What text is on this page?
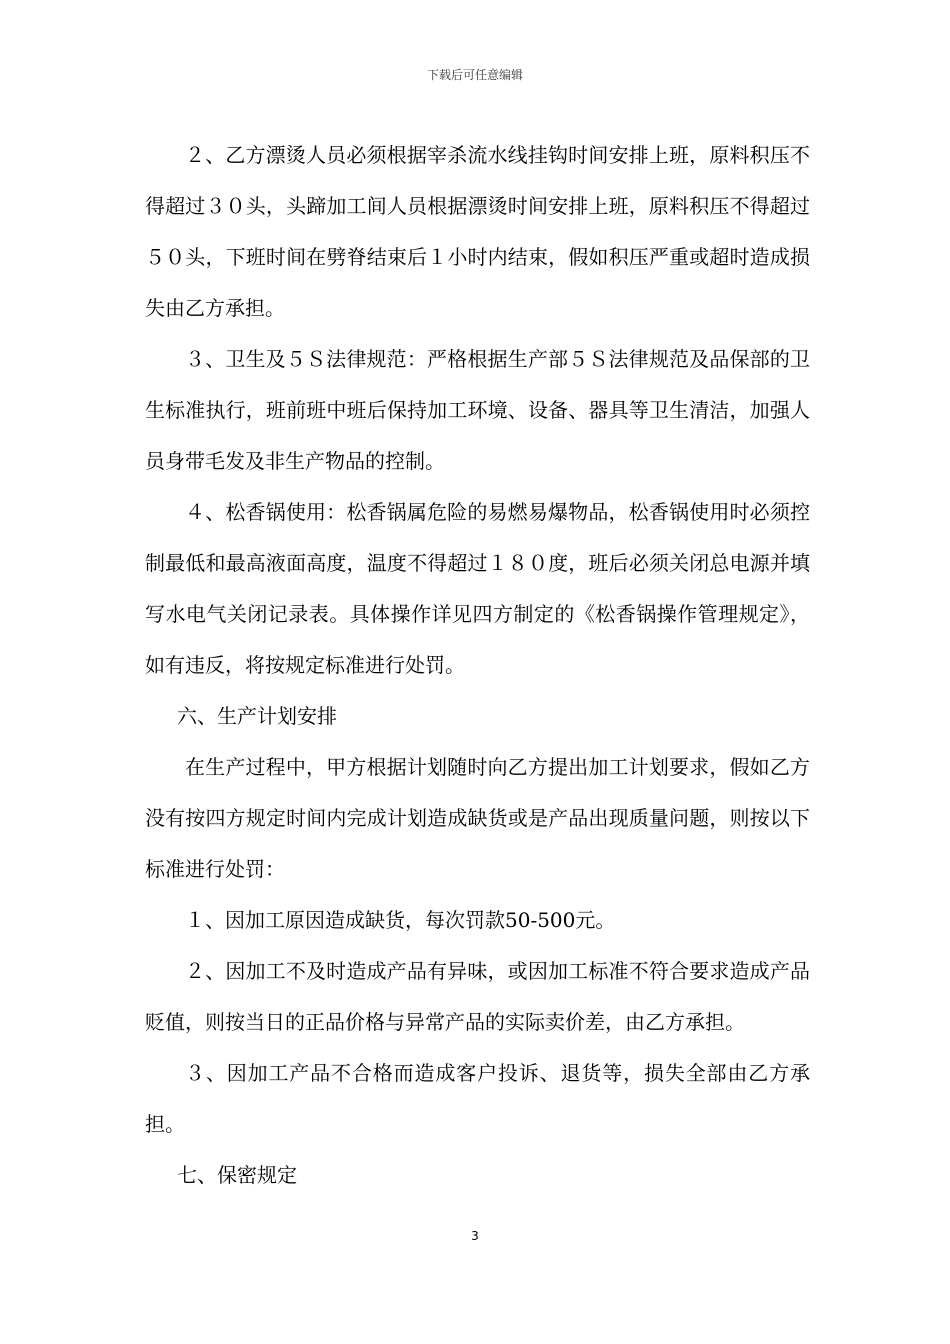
下载后可任意编辑

２、乙方漂烫人员必须根据宰杀流水线挂钩时间安排上班，原料积压不得超过３０头，头蹄加工间人员根据漂烫时间安排上班，原料积压不得超过５０头，下班时间在劈脊结束后１小时内结束，假如积压严重或超时造成损失由乙方承担。

３、卫生及５Ｓ法律规范：严格根据生产部５Ｓ法律规范及品保部的卫生标准执行，班前班中班后保持加工环境、设备、器具等卫生清洁，加强人员身带毛发及非生产物品的控制。

４、松香锅使用：松香锅属危险的易燃易爆物品，松香锅使用时必须控制最低和最高液面高度，温度不得超过１８０度，班后必须关闭总电源并填写水电气关闭记录表。具体操作详见四方制定的《松香锅操作管理规定》，如有违反，将按规定标准进行处罚。

六、生产计划安排

在生产过程中，甲方根据计划随时向乙方提出加工计划要求，假如乙方没有按四方规定时间内完成计划造成缺货或是产品出现质量问题，则按以下标准进行处罚：

１、因加工原因造成缺货，每次罚款50-500元。

２、因加工不及时造成产品有异味，或因加工标准不符合要求造成产品贬值，则按当日的正品价格与异常产品的实际卖价差，由乙方承担。

３、因加工产品不合格而造成客户投诉、退货等，损失全部由乙方承担。

七、保密规定

3
